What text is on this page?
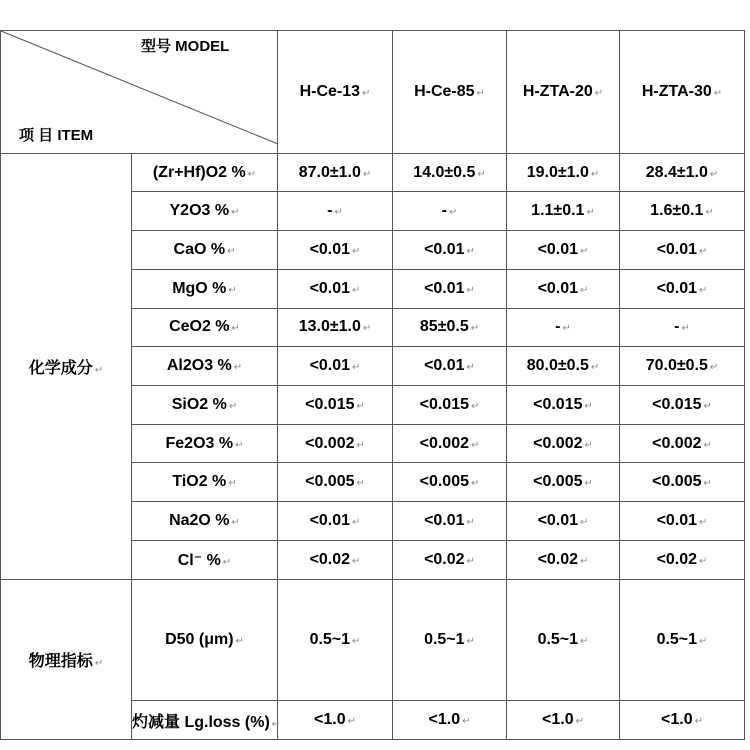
型号 MODEL
项 目 ITEM		H-Ce-13 ↵	H-Ce-85 ↵	H-ZTA-20 ↵	H-ZTA-30 ↵
化学成分 ↵	(Zr+Hf)O2 % ↵	87.0±1.0 ↵	14.0±0.5 ↵	19.0±1.0 ↵	28.4±1.0 ↵
	Y2O3 % ↵	- ↵	- ↵	1.1±0.1 ↵	1.6±0.1 ↵
	CaO % ↵	<0.01 ↵	<0.01 ↵	<0.01 ↵	<0.01 ↵
	MgO % ↵	<0.01 ↵	<0.01 ↵	<0.01 ↵	<0.01 ↵
	CeO2 % ↵	13.0±1.0 ↵	85±0.5 ↵	- ↵	- ↵
	Al2O3 % ↵	<0.01 ↵	<0.01 ↵	80.0±0.5 ↵	70.0±0.5 ↵
	SiO2 % ↵	<0.015 ↵	<0.015 ↵	<0.015 ↵	<0.015 ↵
	Fe2O3 % ↵	<0.002 ↵	<0.002 ↵	<0.002 ↵	<0.002 ↵
	TiO2 % ↵	<0.005 ↵	<0.005 ↵	<0.005 ↵	<0.005 ↵
	Na2O % ↵	<0.01 ↵	<0.01 ↵	<0.01 ↵	<0.01 ↵
	Cl⁻ % ↵	<0.02 ↵	<0.02 ↵	<0.02 ↵	<0.02 ↵
物理指标 ↵	D50 (μm) ↵	0.5~1 ↵	0.5~1 ↵	0.5~1 ↵	0.5~1 ↵
	灼减量 Lg.loss (%) ↵	<1.0 ↵	<1.0 ↵	<1.0 ↵	<1.0 ↵
